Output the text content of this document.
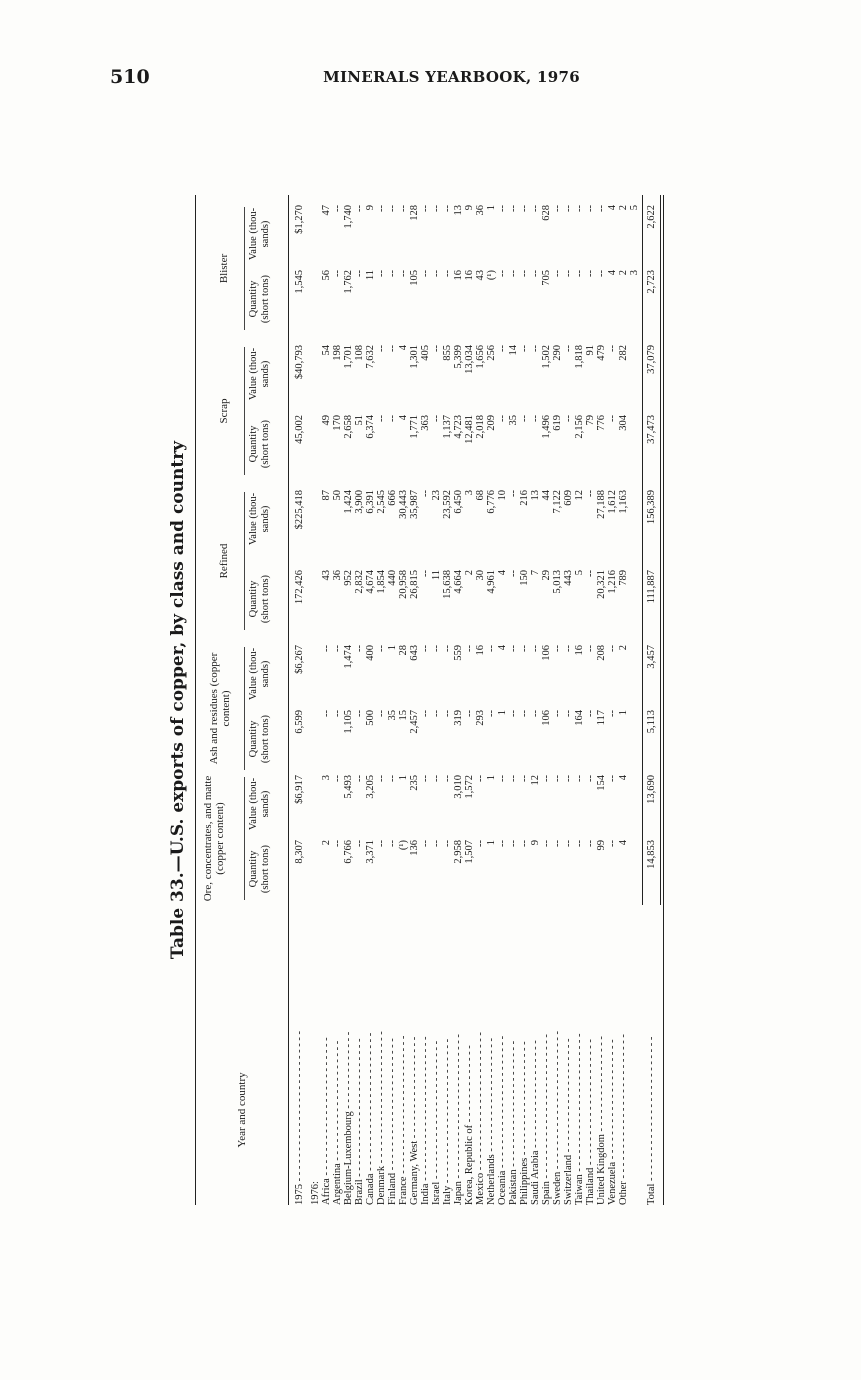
510	MINERALS YEARBOOK, 1976
Table 33.—U.S. exports of copper, by class and country
Year and country
Ore, concentrates, and matte (copper content)
Ash and residues (copper content)
Refined
Scrap
Blister
Quantity (short tons)
Value (thou- sands)
Quantity (short tons)
Value (thou- sands)
Quantity (short tons)
Value (thou- sands)
Quantity (short tons)
Value (thou- sands)
Quantity (short tons)
Value (thou- sands)
1975 - - - - - - - - - - - - - - - - - - - - - - - - -
8,307
$6,917
6,599
$6,267
172,426
$225,418
45,002
$40,793
1,545
$1,270
1976: Africa - - - - - - - - - - - - - - - - - - - - - - -
2
3
--
--
43
87
49
54
56
47
Argentina - - - - - - - - - - - - - - - - - - - -
--
--
--
--
36
50
170
198
--
--
Belgium-Luxembourg - - - - - - - - - - - - -
6,766
5,493
1,105
1,474
952
1,424
2,658
1,701
1,762
1,740
Brazil - - - - - - - - - - - - - - - - - - - - - - -
--
--
--
--
2,832
3,900
51
108
--
--
Canada - - - - - - - - - - - - - - - - - - - - - - -
3,371
3,205
500
400
4,674
6,391
6,374
7,632
11
9
Denmark - - - - - - - - - - - - - - - - - - - - - -
--
--
--
--
1,854
2,545
--
--
--
--
Finland - - - - - - - - - - - - - - - - - - - - - -
--
--
35
1
440
666
--
--
--
--
France - - - - - - - - - - - - - - - - - - - - - - -
(¹)
1
15
28
20,958
30,443
4
4
--
--
Germany, West - - - - - - - - - - - - - - - - -
136
235
2,457
643
26,815
35,987
1,771
1,301
105
128
India - - - - - - - - - - - - - - - - - - - - - - - -
--
--
--
--
--
--
363
405
--
--
Israel - - - - - - - - - - - - - - - - - - - - - - -
--
--
--
--
11
23
--
--
--
--
Italy - - - - - - - - - - - - - - - - - - - - - - - -
--
--
--
--
15,638
23,592
1,137
855
--
--
Japan - - - - - - - - - - - - - - - - - - - - - - - -
2,958
3,010
319
559
4,664
6,450
4,723
5,399
16
13
Korea, Republic of - - - - - - - - - - - - -
1,507
1,572
--
--
2
3
12,481
13,034
16
9
Mexico - - - - - - - - - - - - - - - - - - - - - - -
--
--
293
16
30
68
2,018
1,656
43
36
Netherlands - - - - - - - - - - - - - - - - - - -
1
1
--
--
4,961
6,776
209
256
(¹)
1
Oceania - - - - - - - - - - - - - - - - - - - - - -
--
--
1
4
4
10
--
--
--
--
Pakistan - - - - - - - - - - - - - - - - - - - - -
--
--
--
--
--
--
35
14
--
--
Philippines - - - - - - - - - - - - - - - - - - -
--
--
--
--
150
216
--
--
--
--
Saudi Arabia - - - - - - - - - - - - - - - - - -
9
12
--
--
7
13
--
--
--
--
Spain - - - - - - - - - - - - - - - - - - - - - - - -
--
--
106
106
29
44
1,496
1,502
705
628
Sweden - - - - - - - - - - - - - - - - - - - - - - -
--
--
--
--
5,013
7,122
619
290
--
--
Switzerland - - - - - - - - - - - - - - - - - - -
--
--
--
--
443
609
--
--
--
--
Taiwan - - - - - - - - - - - - - - - - - - - - - - -
--
--
164
16
5
12
2,156
1,818
--
--
Thailand - - - - - - - - - - - - - - - - - - - - -
--
--
--
--
--
--
79
91
--
--
United Kingdom - - - - - - - - - - - - - - - -
99
154
117
208
20,321
27,188
776
479
--
--
Venezuela - - - - - - - - - - - - - - - - - - - -
--
--
--
--
1,216
1,612
--
--
4
4
Other - - - - - - - - - - - - - - - - - - - - - - - -
4
4
1
2
789
1,163
304
282
2
2
3
5
Total - - - - - - - - - - - - - - - - - - - - - - - -
14,853
13,690
5,113
3,457
111,887
156,389
37,473
37,079
2,723
2,622
